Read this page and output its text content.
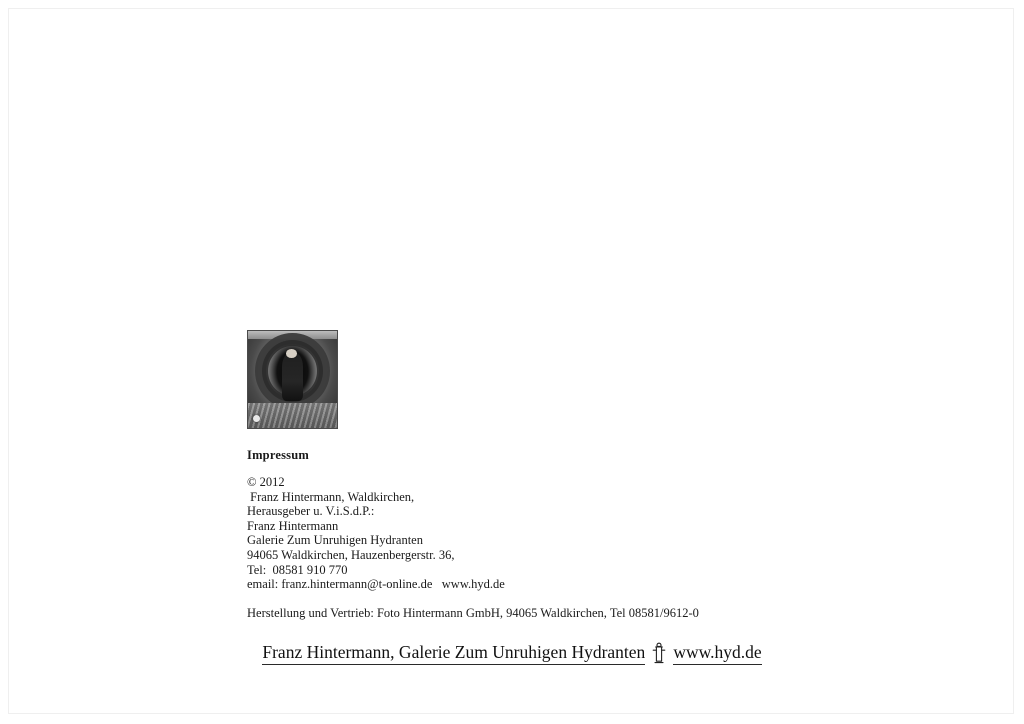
Impressum
© 2012
Franz Hintermann, Waldkirchen,
Herausgeber u. V.i.S.d.P.:
Franz Hintermann
Galerie Zum Unruhigen Hydranten
94065 Waldkirchen, Hauzenbergerstr. 36,
Tel:  08581 910 770
email: franz.hintermann@t-online.de   www.hyd.de
Herstellung und Vertrieb: Foto Hintermann GmbH, 94065 Waldkirchen, Tel 08581/9612-0
Franz Hintermann, Galerie Zum Unruhigen Hydranten www.hyd.de
